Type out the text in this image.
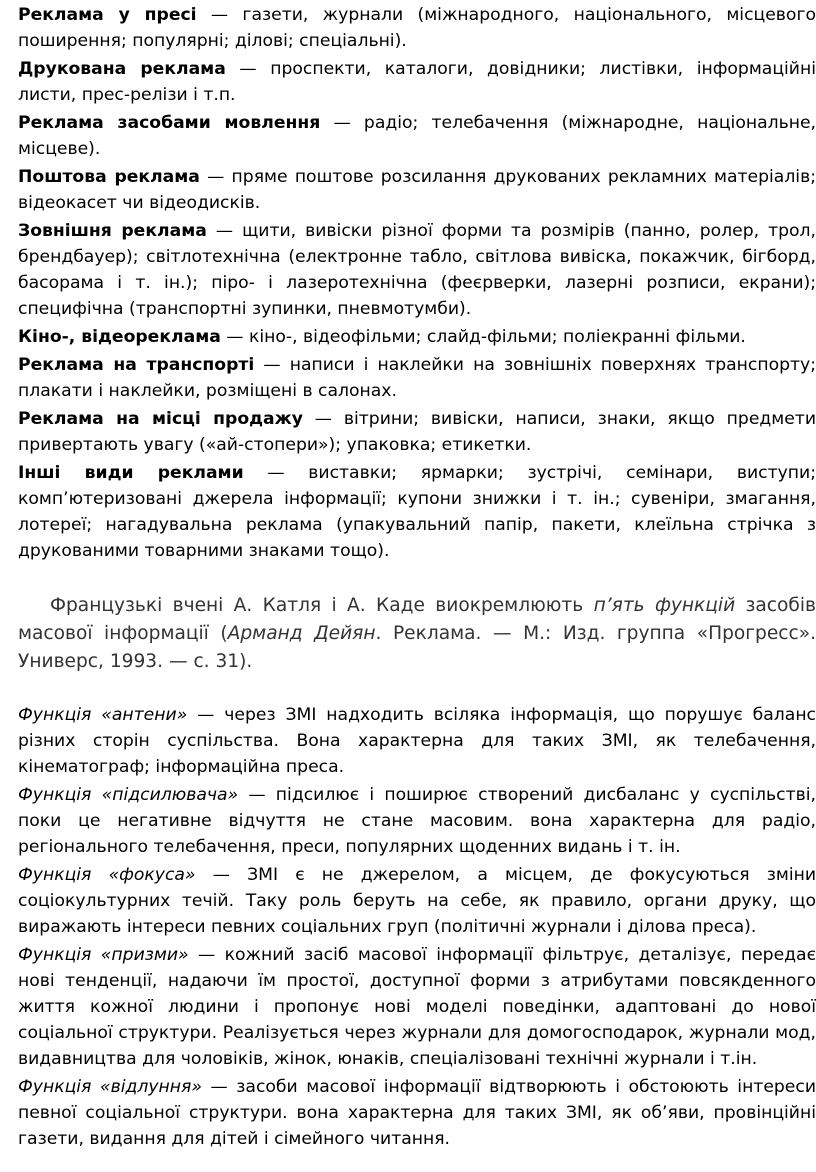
Реклама у пресі — газети, журнали (міжнародного, національного, місцевого поширення; популярні; ділові; спеціальні).

Друкована реклама — проспекти, каталоги, довідники; листівки, інформаційні листи, прес-релізи і т.п.

Реклама засобами мовлення — радіо; телебачення (міжнародне, національне, місцеве).

Поштова реклама — пряме поштове розсилання друкованих рекламних матеріалів; відеокасет чи відеодисків.

Зовнішня реклама — щити, вивіски різної форми та розмірів (панно, ролер, трол, брендбауер); світлотехнічна (електронне табло, світлова вивіска, покажчик, бігборд, басорама і т. ін.); піро- і лазеротехнічна (феєрверки, лазерні розписи, екрани); специфічна (транспортні зупинки, пневмотумби).

Кіно-, відеореклама — кіно-, відеофільми; слайд-фільми; поліекранні фільми.

Реклама на транспорті — написи і наклейки на зовнішніх поверхнях транспорту; плакати і наклейки, розміщені в салонах.

Реклама на місці продажу — вітрини; вивіски, написи, знаки, якщо предмети привертають увагу («ай-стопери»); упаковка; етикетки.

Інші види реклами — виставки; ярмарки; зустрічі, семінари, виступи; комп’ютеризовані джерела інформації; купони знижки і т. ін.; сувеніри, змагання, лотереї; нагадувальна реклама (упакувальний папір, пакети, клеїльна стрічка з друкованими товарними знаками тощо).

Французькі вчені А. Катля і А. Каде виокремлюють п’ять функцій засобів масової інформації (Арманд Дейян. Реклама. — М.: Изд. группа «Прогресс». Универс, 1993. — с. 31).

Функція «антени» — через ЗМІ надходить всіляка інформація, що порушує баланс різних сторін суспільства. Вона характерна для таких ЗМІ, як телебачення, кінематограф; інформаційна преса.

Функція «підсилювача» — підсилює і поширює створений дисбаланс у суспільстві, поки це негативне відчуття не стане масовим. вона характерна для радіо, регіонального телебачення, преси, популярних щоденних видань і т. ін.

Функція «фокуса» — ЗМІ є не джерелом, а місцем, де фокусуються зміни соціокультурних течій. Таку роль беруть на себе, як правило, органи друку, що виражають інтереси певних соціальних груп (політичні журнали і ділова преса).

Функція «призми» — кожний засіб масової інформації фільтрує, деталізує, передає нові тенденції, надаючи їм простої, доступної форми з атрибутами повсякденного життя кожної людини і пропонує нові моделі поведінки, адаптовані до нової соціальної структури. Реалізується через журнали для домогосподарок, журнали мод, видавництва для чоловіків, жінок, юнаків, спеціалізовані технічні журнали і т.ін.

Функція «відлуння» — засоби масової інформації відтворюють і обстоюють інтереси певної соціальної структури. вона характерна для таких ЗМІ, як об’яви, провінційні газети, видання для дітей і сімейного читання.
